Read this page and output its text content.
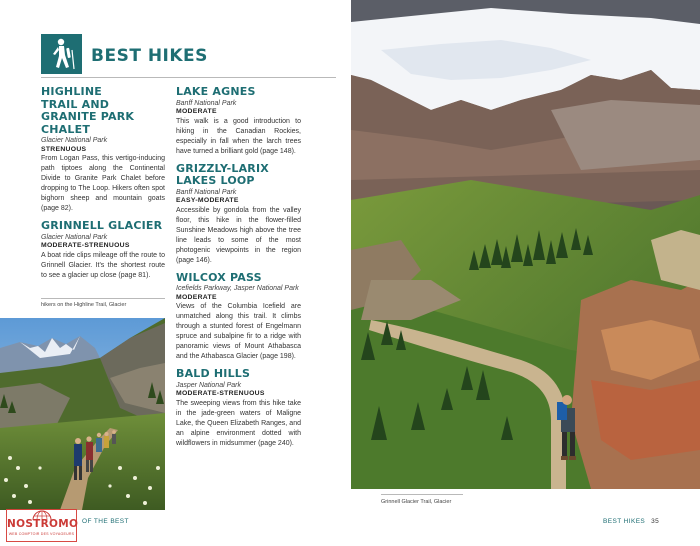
BEST HIKES
HIGHLINE TRAIL AND GRANITE PARK CHALET
Glacier National Park
STRENUOUS
From Logan Pass, this vertigo-inducing path tiptoes along the Continental Divide to Granite Park Chalet before dropping to The Loop. Hikers often spot bighorn sheep and mountain goats (page 82).
GRINNELL GLACIER
Glacier National Park
MODERATE-STRENUOUS
A boat ride clips mileage off the route to Grinnell Glacier. It's the shortest route to see a glacier up close (page 81).
LAKE AGNES
Banff National Park
MODERATE
This walk is a good introduction to hiking in the Canadian Rockies, especially in fall when the larch trees have turned a brilliant gold (page 148).
GRIZZLY-LARIX LAKES LOOP
Banff National Park
EASY-MODERATE
Accessible by gondola from the valley floor, this hike in the flower-filled Sunshine Meadows high above the tree line leads to some of the most photogenic viewpoints in the region (page 146).
WILCOX PASS
Icefields Parkway, Jasper National Park
MODERATE
Views of the Columbia Icefield are unmatched along this trail. It climbs through a stunted forest of Engelmann spruce and subalpine fir to a ridge with panoramic views of Mount Athabasca and the Athabasca Glacier (page 198).
BALD HILLS
Jasper National Park
MODERATE-STRENUOUS
The sweeping views from this hike take in the jade-green waters of Maligne Lake, the Queen Elizabeth Ranges, and an alpine environment dotted with wildflowers in midsummer (page 240).
hikers on the Highline Trail, Glacier
Grinnell Glacier Trail, Glacier
OF THE BEST	BEST HIKES 35
NOSTROMO
WEB COMPTOIR DES VOYAGEURS
